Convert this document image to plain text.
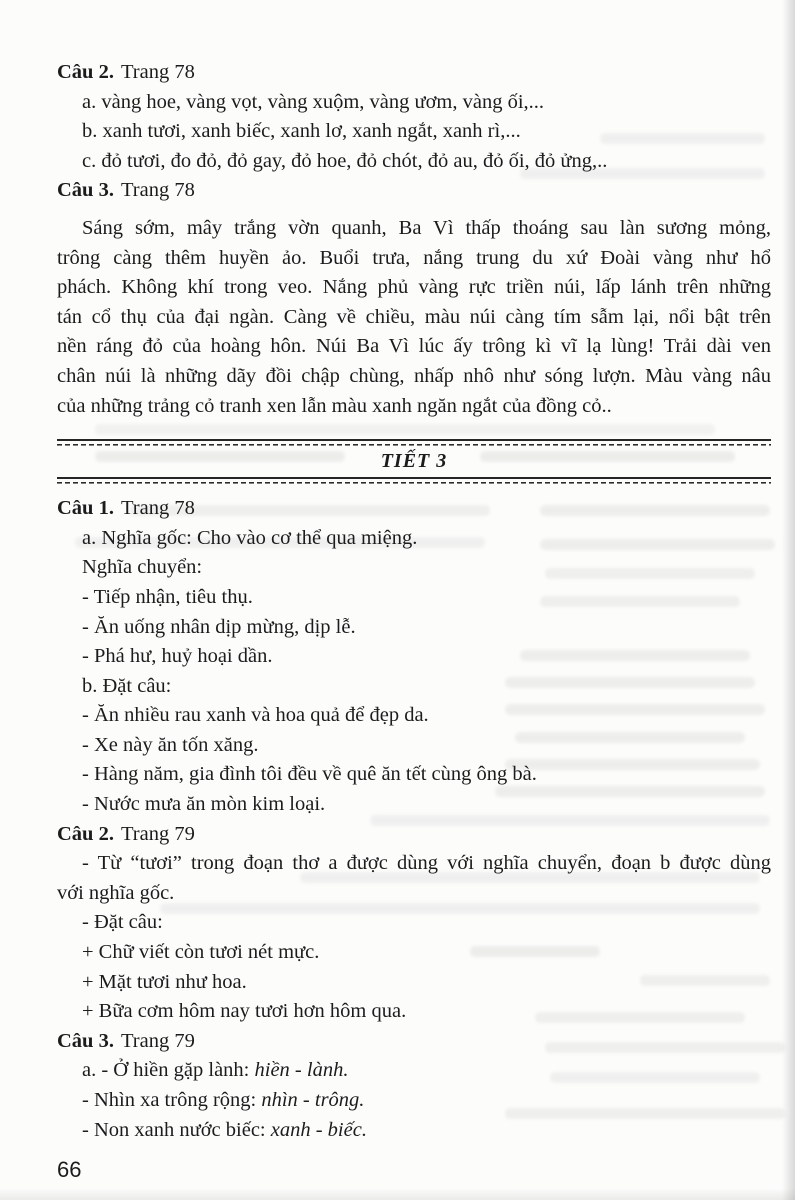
Câu 2. Trang 78
a. vàng hoe, vàng vọt, vàng xuộm, vàng ươm, vàng ối,...
b. xanh tươi, xanh biếc, xanh lơ, xanh ngắt, xanh rì,...
c. đỏ tươi, đo đỏ, đỏ gay, đỏ hoe, đỏ chót, đỏ au, đỏ ối, đỏ ửng,..
Câu 3. Trang 78
Sáng sớm, mây trắng vờn quanh, Ba Vì thấp thoáng sau làn sương mỏng,
trông càng thêm huyền ảo. Buổi trưa, nắng trung du xứ Đoài vàng như hổ
phách. Không khí trong veo. Nắng phủ vàng rực triền núi, lấp lánh trên những
tán cổ thụ của đại ngàn. Càng về chiều, màu núi càng tím sẫm lại, nổi bật trên
nền ráng đỏ của hoàng hôn. Núi Ba Vì lúc ấy trông kì vĩ lạ lùng! Trải dài ven
chân núi là những dãy đồi chập chùng, nhấp nhô như sóng lượn. Màu vàng nâu
của những trảng cỏ tranh xen lẫn màu xanh ngăn ngắt của đồng cỏ..
TIẾT 3
Câu 1. Trang 78
a. Nghĩa gốc: Cho vào cơ thể qua miệng.
Nghĩa chuyển:
- Tiếp nhận, tiêu thụ.
- Ăn uống nhân dịp mừng, dịp lễ.
- Phá hư, huỷ hoại dần.
b. Đặt câu:
- Ăn nhiều rau xanh và hoa quả để đẹp da.
- Xe này ăn tốn xăng.
- Hàng năm, gia đình tôi đều về quê ăn tết cùng ông bà.
- Nước mưa ăn mòn kim loại.
Câu 2. Trang 79
- Từ “tươi” trong đoạn thơ a được dùng với nghĩa chuyển, đoạn b được dùng
với nghĩa gốc.
- Đặt câu:
+ Chữ viết còn tươi nét mực.
+ Mặt tươi như hoa.
+ Bữa cơm hôm nay tươi hơn hôm qua.
Câu 3. Trang 79
a. - Ở hiền gặp lành: hiền - lành.
- Nhìn xa trông rộng: nhìn - trông.
- Non xanh nước biếc: xanh - biếc.
66
